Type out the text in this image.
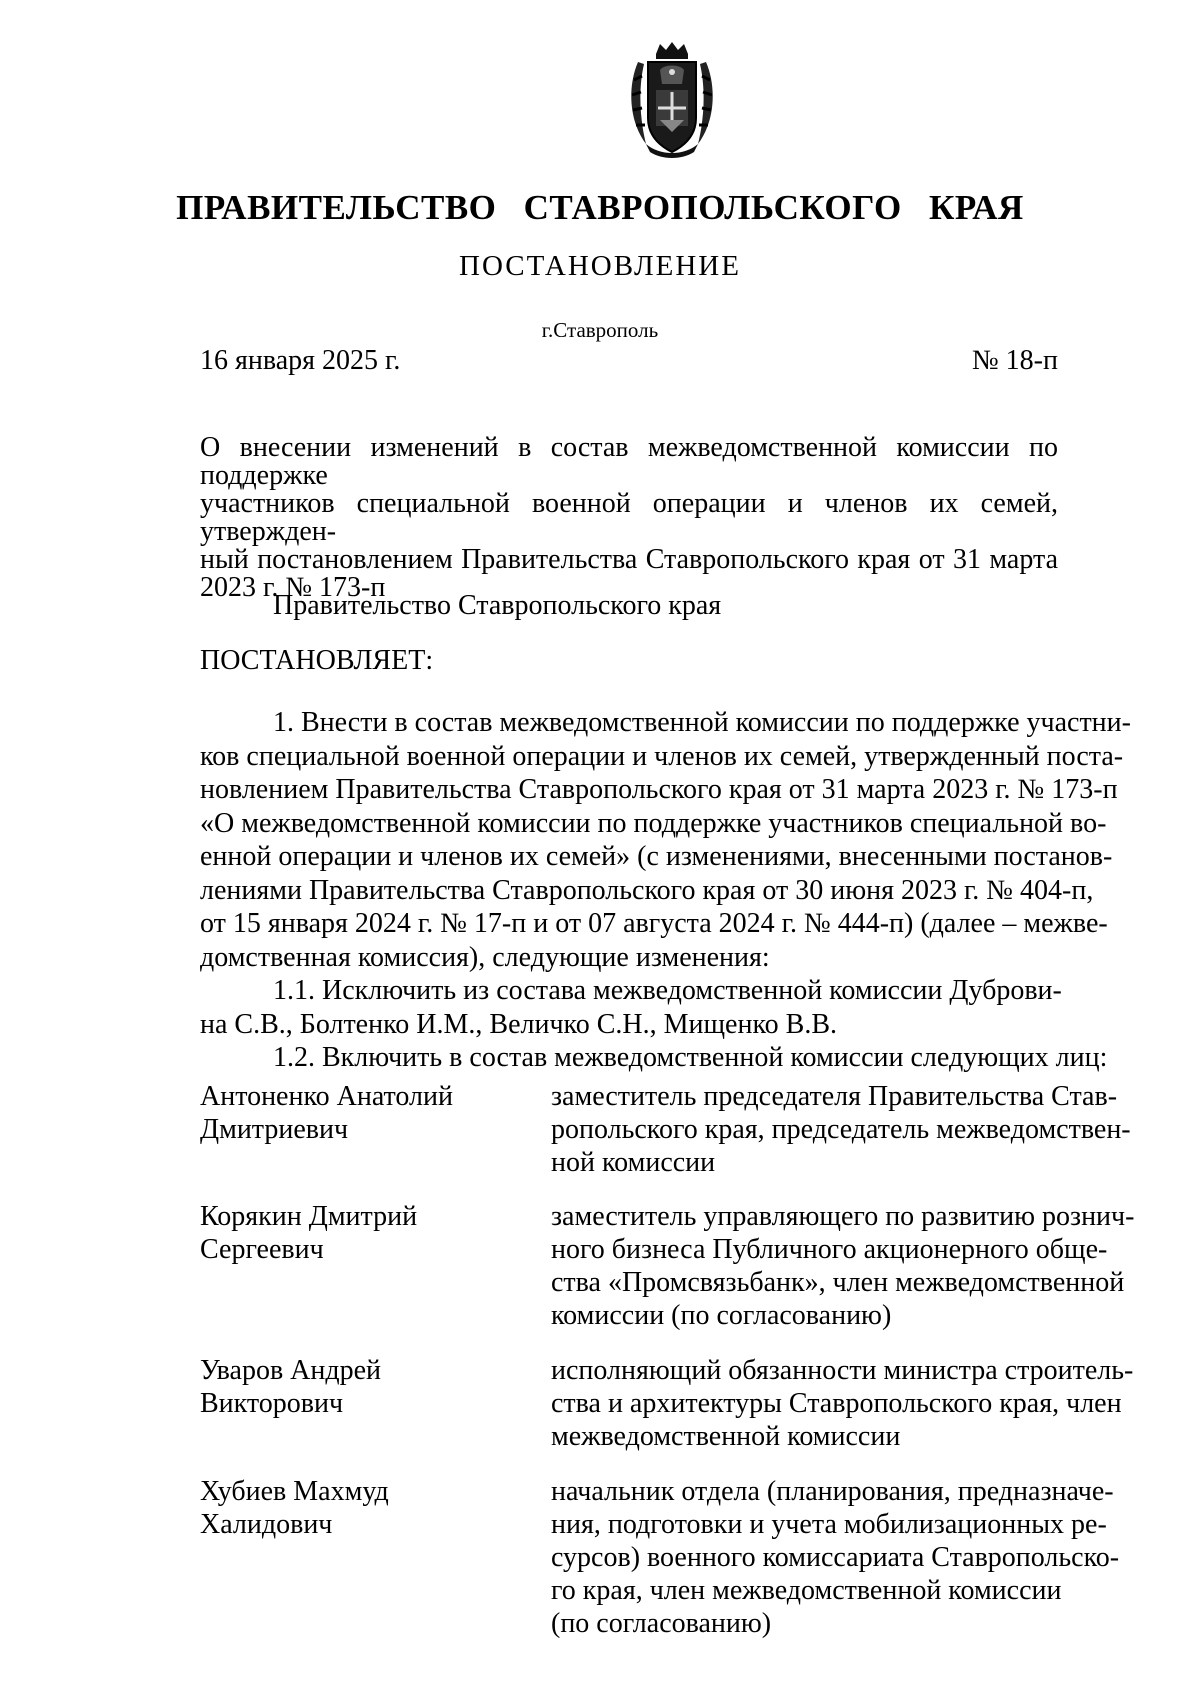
ПРАВИТЕЛЬСТВО СТАВРОПОЛЬСКОГО КРАЯ
ПОСТАНОВЛЕНИЕ
г.Ставрополь
16 января 2025 г.	№ 18-п
О внесении изменений в состав межведомственной комиссии по поддержке
участников специальной военной операции и членов их семей, утвержден-
ный постановлением Правительства Ставропольского края от 31 марта
2023 г. № 173-п
Правительство Ставропольского края
ПОСТАНОВЛЯЕТ:
1. Внести в состав межведомственной комиссии по поддержке участни-
ков специальной военной операции и членов их семей, утвержденный поста-
новлением Правительства Ставропольского края от 31 марта 2023 г. № 173-п
«О межведомственной комиссии по поддержке участников специальной во-
енной операции и членов их семей» (с изменениями, внесенными постанов-
лениями Правительства Ставропольского края от 30 июня 2023 г. № 404-п,
от 15 января 2024 г. № 17-п и от 07 августа 2024 г. № 444-п) (далее – межве-
домственная комиссия), следующие изменения:
1.1. Исключить из состава межведомственной комиссии Дуброви-
на С.В., Болтенко И.М., Величко С.Н., Мищенко В.В.
1.2. Включить в состав межведомственной комиссии следующих лиц:
Антоненко Анатолий
Дмитриевич
заместитель председателя Правительства Став-
ропольского края, председатель межведомствен-
ной комиссии
Корякин Дмитрий
Сергеевич
заместитель управляющего по развитию рознич-
ного бизнеса Публичного акционерного обще-
ства «Промсвязьбанк», член межведомственной
комиссии (по согласованию)
Уваров Андрей
Викторович
исполняющий обязанности министра строитель-
ства и архитектуры Ставропольского края, член
межведомственной комиссии
Хубиев Махмуд
Халидович
начальник отдела (планирования, предназначе-
ния, подготовки и учета мобилизационных ре-
сурсов) военного комиссариата Ставропольско-
го края, член межведомственной комиссии
(по согласованию)
